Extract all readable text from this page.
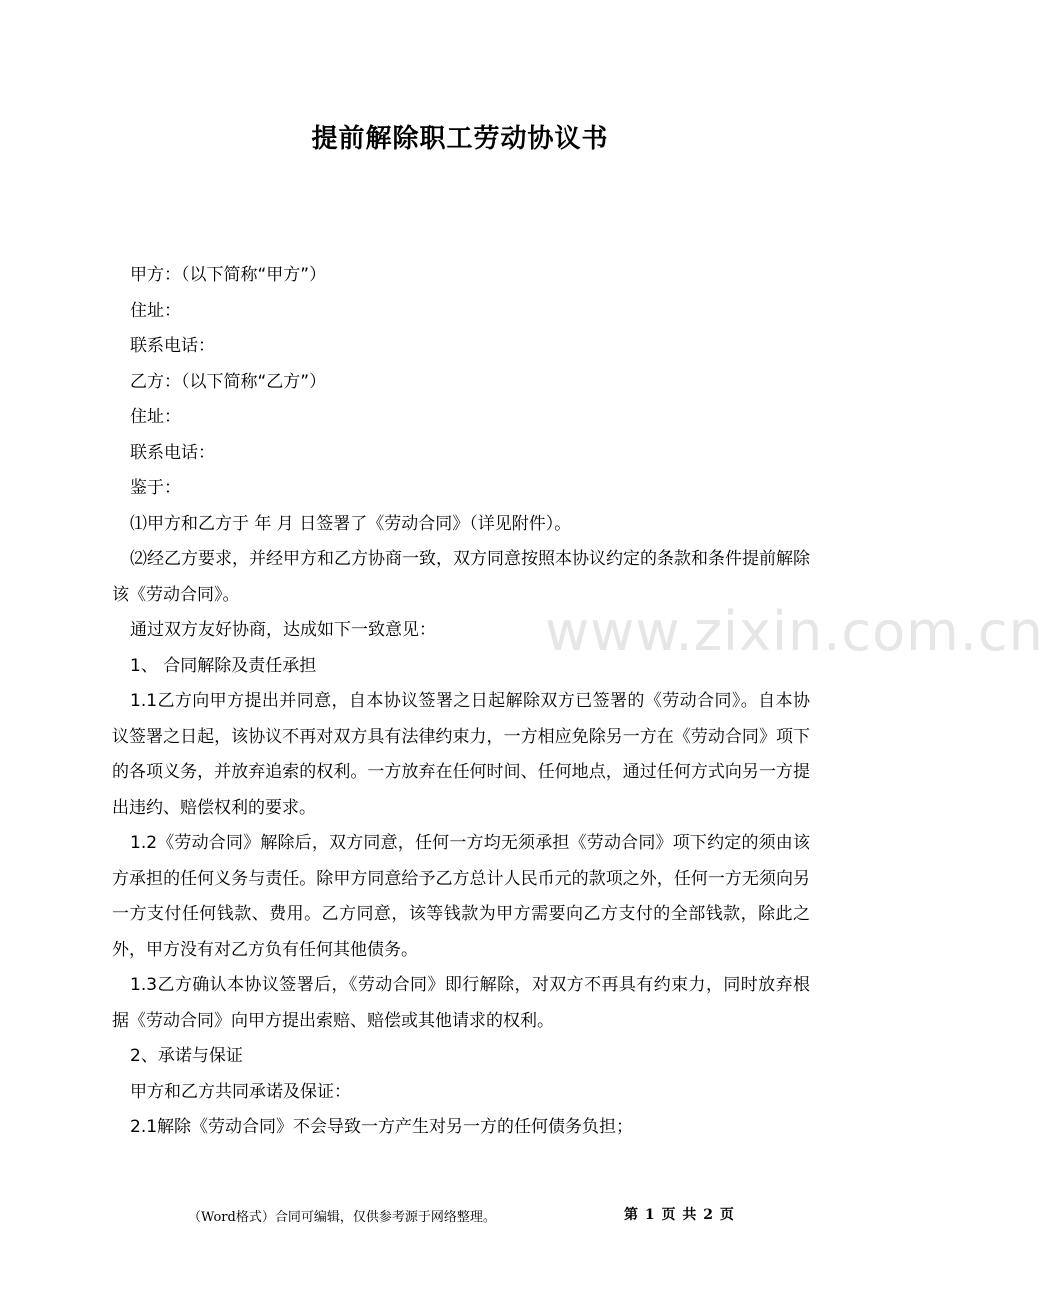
提前解除职工劳动协议书
www.zixin.com.cn

甲方：（以下简称“甲方”）

住址：

联系电话：

乙方：（以下简称“乙方”）

住址：

联系电话：

鉴于：

⑴甲方和乙方于 年 月 日签署了《劳动合同》（详见附件）。

⑵经乙方要求，并经甲方和乙方协商一致，双方同意按照本协议约定的条款和条件提前解除该《劳动合同》。

通过双方友好协商，达成如下一致意见：

1、 合同解除及责任承担

1.1乙方向甲方提出并同意，自本协议签署之日起解除双方已签署的《劳动合同》。自本协议签署之日起，该协议不再对双方具有法律约束力，一方相应免除另一方在《劳动合同》项下的各项义务，并放弃追索的权利。一方放弃在任何时间、任何地点，通过任何方式向另一方提出违约、赔偿权利的要求。

1.2《劳动合同》解除后，双方同意，任何一方均无须承担《劳动合同》项下约定的须由该方承担的任何义务与责任。除甲方同意给予乙方总计人民币元的款项之外，任何一方无须向另一方支付任何钱款、费用。乙方同意，该等钱款为甲方需要向乙方支付的全部钱款，除此之外，甲方没有对乙方负有任何其他债务。

1.3乙方确认本协议签署后，《劳动合同》即行解除，对双方不再具有约束力，同时放弃根据《劳动合同》向甲方提出索赔、赔偿或其他请求的权利。

2、承诺与保证

甲方和乙方共同承诺及保证：

2.1解除《劳动合同》不会导致一方产生对另一方的任何债务负担；

（Word格式）合同可编辑，仅供参考源于网络整理。	第 1 页 共 2 页
